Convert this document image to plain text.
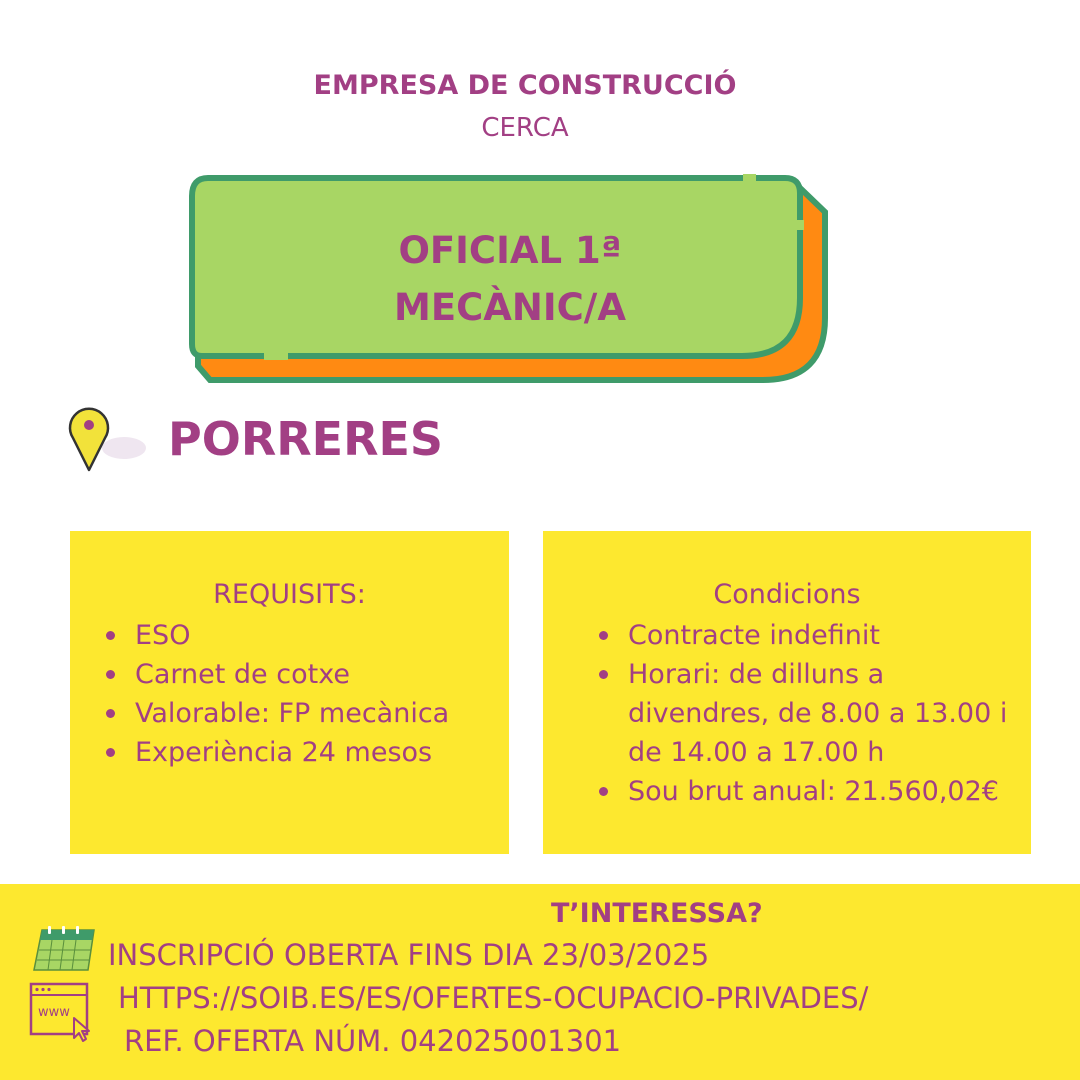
EMPRESA DE CONSTRUCCIÓ
CERCA
OFICIAL 1ª
MECÀNIC/A
PORRERES
REQUISITS:
ESO
Carnet de cotxe
Valorable: FP mecànica
Experiència 24 mesos
Condicions
Contracte indefinit
Horari: de dilluns a divendres, de 8.00 a 13.00 i de 14.00 a 17.00 h
Sou brut anual: 21.560,02€
T’INTERESSA?
INSCRIPCIÓ OBERTA FINS DIA 23/03/2025
www HTTPS://SOIB.ES/ES/OFERTES-OCUPACIO-PRIVADES/
REF. OFERTA NÚM. 042025001301
